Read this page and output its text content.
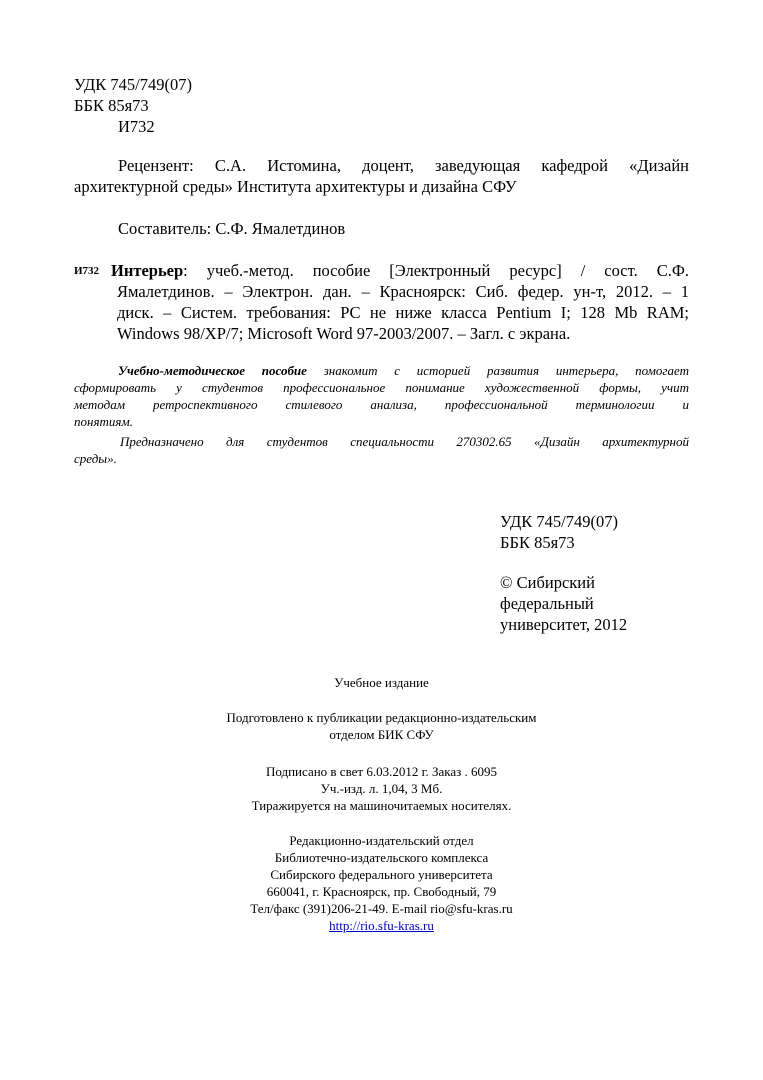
УДК 745/749(07)
ББК 85я73
И732
Рецензент: С.А. Истомина, доцент, заведующая кафедрой «Дизайн
архитектурной среды» Института архитектуры и дизайна СФУ
Составитель: С.Ф. Ямалетдинов
И732 Интерьер: учеб.-метод. пособие [Электронный ресурс] / сост. С.Ф.
Ямалетдинов. – Электрон. дан. – Красноярск: Сиб. федер. ун-т, 2012. – 1
диск. – Систем. требования: PC не ниже класса Pentium I; 128 Mb RAM;
Windows 98/XP/7; Microsoft Word 97-2003/2007. – Загл. с экрана.
Учебно-методическое пособие знакомит с историей развития интерьера, помогает
сформировать у студентов профессиональное понимание художественной формы, учит
методам ретроспективного стилевого анализа, профессиональной терминологии и
понятиям.
Предназначено для студентов специальности 270302.65 «Дизайн архитектурной
среды».
УДК 745/749(07)
ББК 85я73
© Сибирский
федеральный
университет, 2012
Учебное издание
Подготовлено к публикации редакционно-издательским
отделом БИК СФУ
Подписано в свет 6.03.2012 г. Заказ . 6095
Уч.-изд. л. 1,04, 3 Мб.
Тиражируется на машиночитаемых носителях.
Редакционно-издательский отдел
Библиотечно-издательского комплекса
Сибирского федерального университета
660041, г. Красноярск, пр. Свободный, 79
Тел/факс (391)206-21-49. E-mail rio@sfu-kras.ru
http://rio.sfu-kras.ru
